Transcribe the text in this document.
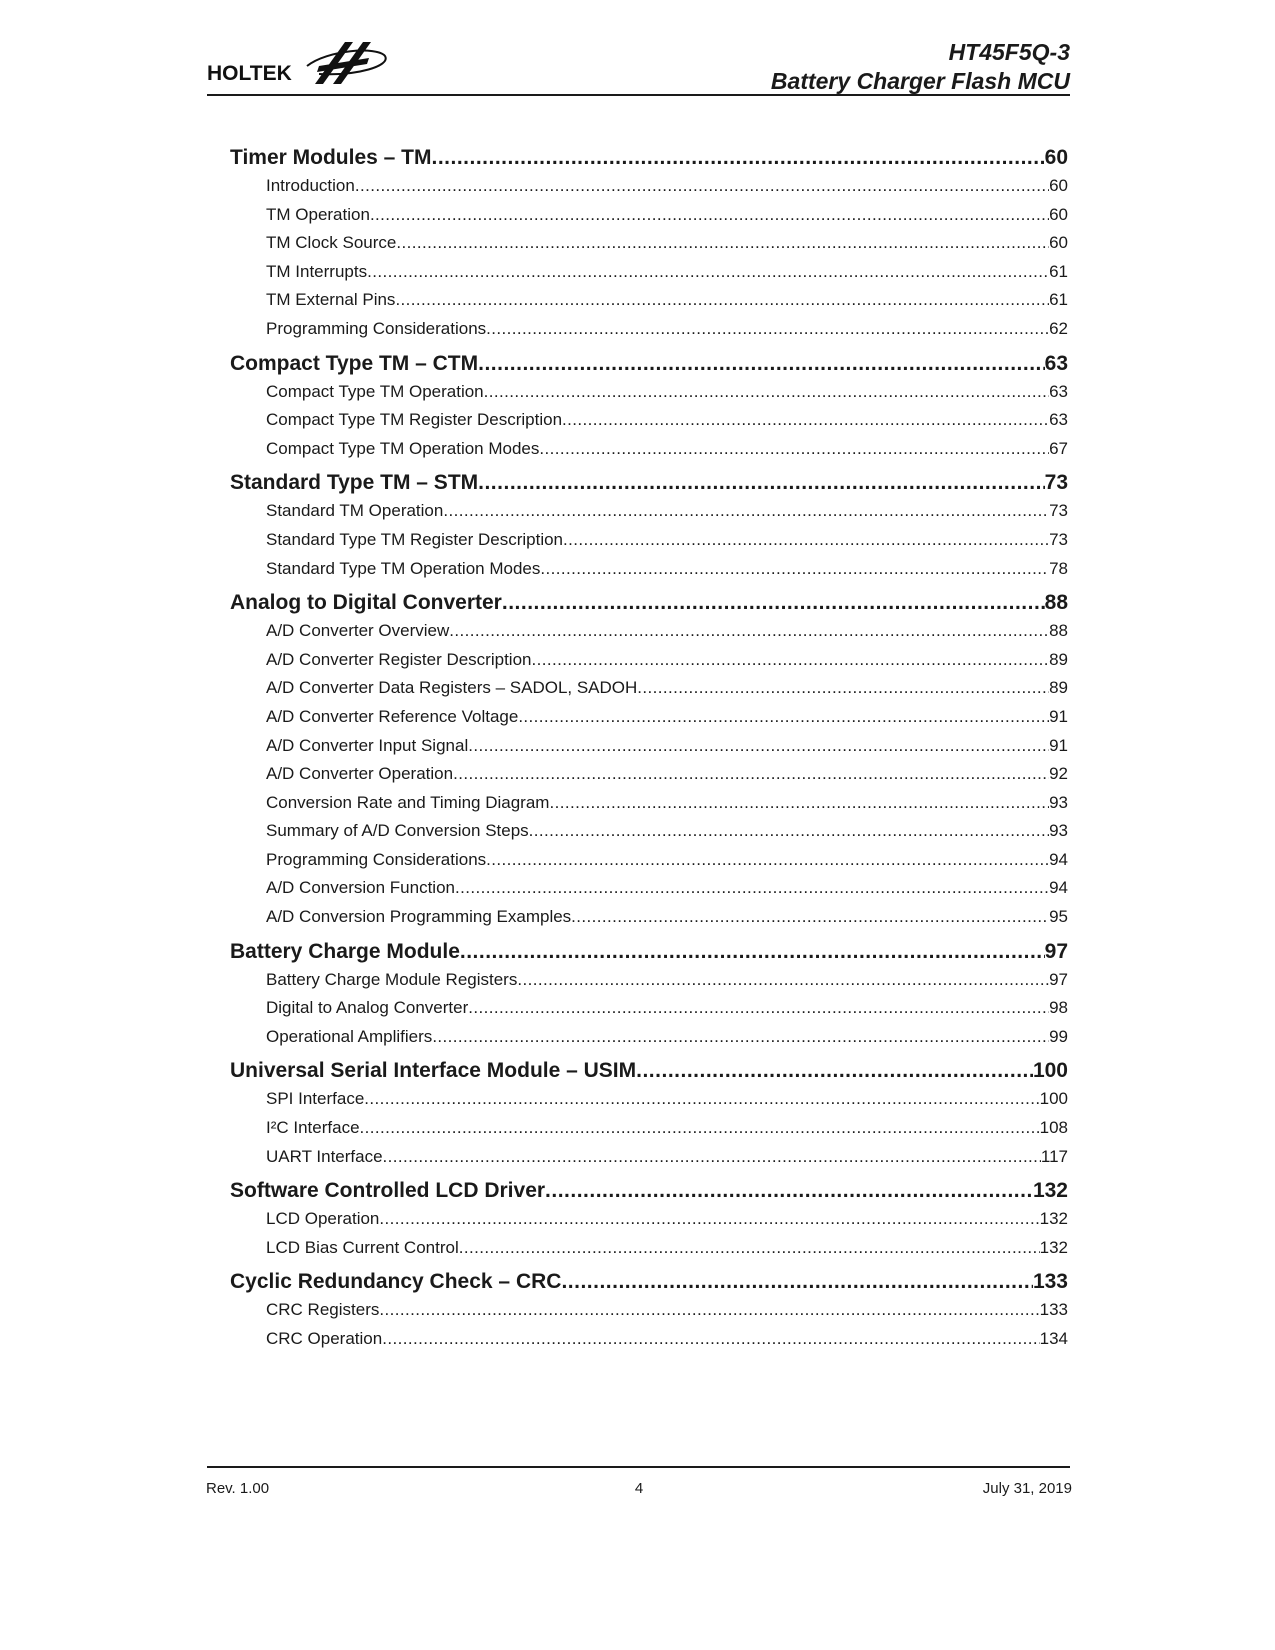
HOLTEK
HT45F5Q-3
Battery Charger Flash MCU
Timer Modules – TM .....	60
Introduction .....	60
TM Operation .....	60
TM Clock Source .....	60
TM Interrupts .....	61
TM External Pins .....	61
Programming Considerations .....	62
Compact Type TM – CTM .....	63
Compact Type TM Operation .....	63
Compact Type TM Register Description .....	63
Compact Type TM Operation Modes .....	67
Standard Type TM – STM .....	73
Standard TM Operation .....	73
Standard Type TM Register Description .....	73
Standard Type TM Operation Modes .....	78
Analog to Digital Converter .....	88
A/D Converter Overview .....	88
A/D Converter Register Description .....	89
A/D Converter Data Registers – SADOL, SADOH .....	89
A/D Converter Reference Voltage .....	91
A/D Converter Input Signal .....	91
A/D Converter Operation .....	92
Conversion Rate and Timing Diagram .....	93
Summary of A/D Conversion Steps .....	93
Programming Considerations .....	94
A/D Conversion Function .....	94
A/D Conversion Programming Examples .....	95
Battery Charge Module .....	97
Battery Charge Module Registers .....	97
Digital to Analog Converter .....	98
Operational Amplifiers .....	99
Universal Serial Interface Module – USIM .....	100
SPI Interface .....	100
I²C Interface .....	108
UART Interface .....	117
Software Controlled LCD Driver .....	132
LCD Operation .....	132
LCD Bias Current Control .....	132
Cyclic Redundancy Check – CRC .....	133
CRC Registers .....	133
CRC Operation .....	134
Rev. 1.00	4	July 31, 2019
